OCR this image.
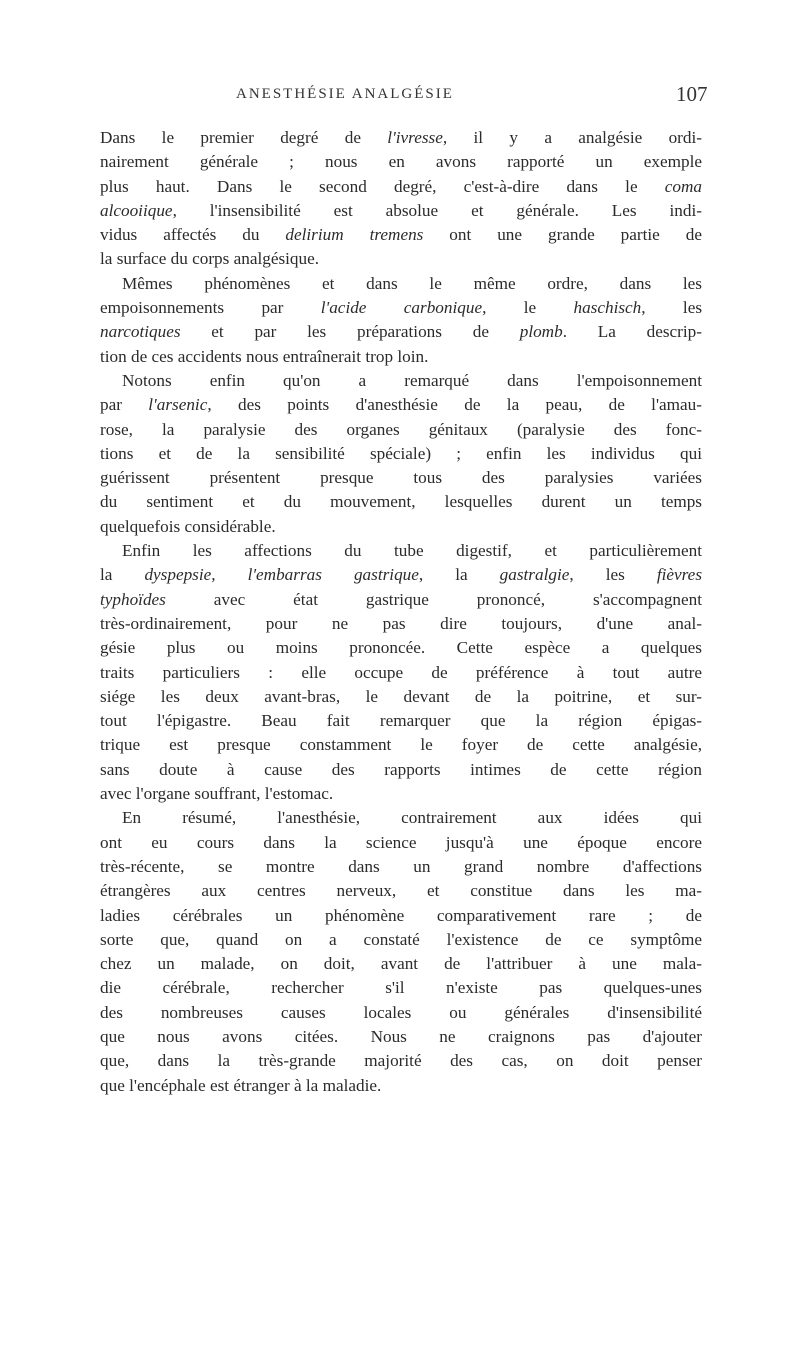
ANESTHÉSIE ANALGÉSIE	107
Dans le premier degré de l'ivresse, il y a analgésie ordi-
nairement générale ; nous en avons rapporté un exemple
plus haut. Dans le second degré, c'est-à-dire dans le coma
alcooiique, l'insensibilité est absolue et générale. Les indi-
vidus affectés du delirium tremens ont une grande partie de
la surface du corps analgésique.
Mêmes phénomènes et dans le même ordre, dans les
empoisonnements par l'acide carbonique, le haschisch, les
narcotiques et par les préparations de plomb. La descrip-
tion de ces accidents nous entraînerait trop loin.
Notons enfin qu'on a remarqué dans l'empoisonnement
par l'arsenic, des points d'anesthésie de la peau, de l'amau-
rose, la paralysie des organes génitaux (paralysie des fonc-
tions et de la sensibilité spéciale) ; enfin les individus qui
guérissent présentent presque tous des paralysies variées
du sentiment et du mouvement, lesquelles durent un temps
quelquefois considérable.
Enfin les affections du tube digestif, et particulièrement
la dyspepsie, l'embarras gastrique, la gastralgie, les fièvres
typhoïdes avec état gastrique prononcé, s'accompagnent
très-ordinairement, pour ne pas dire toujours, d'une anal-
gésie plus ou moins prononcée. Cette espèce a quelques
traits particuliers : elle occupe de préférence à tout autre
siége les deux avant-bras, le devant de la poitrine, et sur-
tout l'épigastre. Beau fait remarquer que la région épigas-
trique est presque constamment le foyer de cette analgésie,
sans doute à cause des rapports intimes de cette région
avec l'organe souffrant, l'estomac.
En résumé, l'anesthésie, contrairement aux idées qui
ont eu cours dans la science jusqu'à une époque encore
très-récente, se montre dans un grand nombre d'affections
étrangères aux centres nerveux, et constitue dans les ma-
ladies cérébrales un phénomène comparativement rare ; de
sorte que, quand on a constaté l'existence de ce symptôme
chez un malade, on doit, avant de l'attribuer à une mala-
die cérébrale, rechercher s'il n'existe pas quelques-unes
des nombreuses causes locales ou générales d'insensibilité
que nous avons citées. Nous ne craignons pas d'ajouter
que, dans la très-grande majorité des cas, on doit penser
que l'encéphale est étranger à la maladie.
